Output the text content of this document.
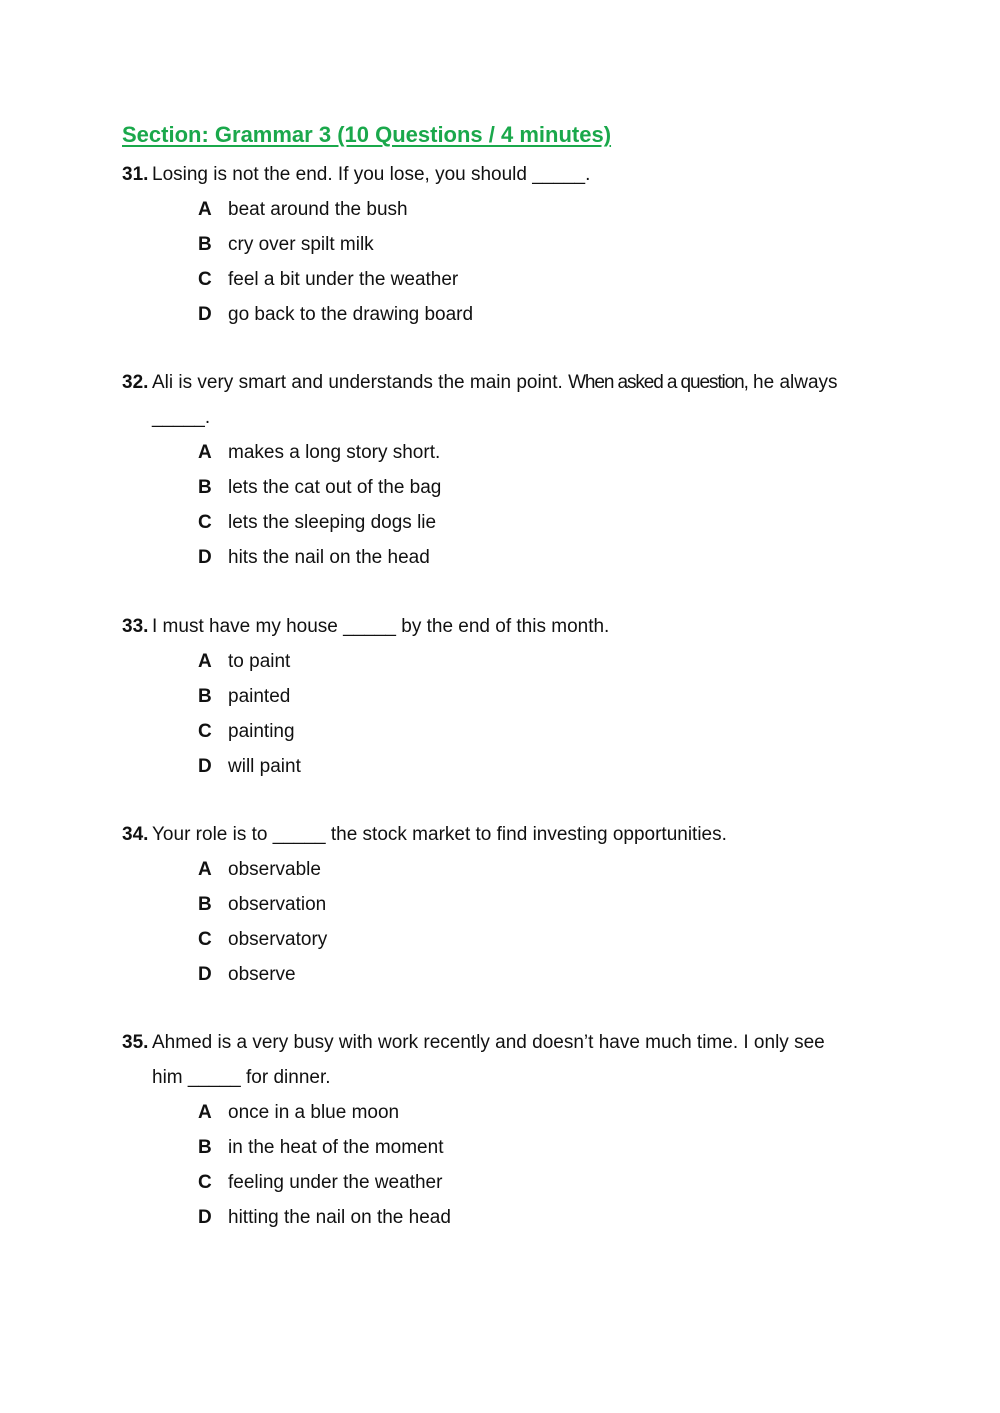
Section: Grammar 3 (10 Questions / 4 minutes)
31. Losing is not the end. If you lose, you should _____.
A beat around the bush
B cry over spilt milk
C feel a bit under the weather
D go back to the drawing board
32. Ali is very smart and understands the main point. When asked a question, he always
_____.
A makes a long story short.
B lets the cat out of the bag
C lets the sleeping dogs lie
D hits the nail on the head
33. I must have my house _____ by the end of this month.
A to paint
B painted
C painting
D will paint
34. Your role is to _____ the stock market to find investing opportunities.
A observable
B observation
C observatory
D observe
35. Ahmed is a very busy with work recently and doesn’t have much time. I only see
him _____ for dinner.
A once in a blue moon
B in the heat of the moment
C feeling under the weather
D hitting the nail on the head
